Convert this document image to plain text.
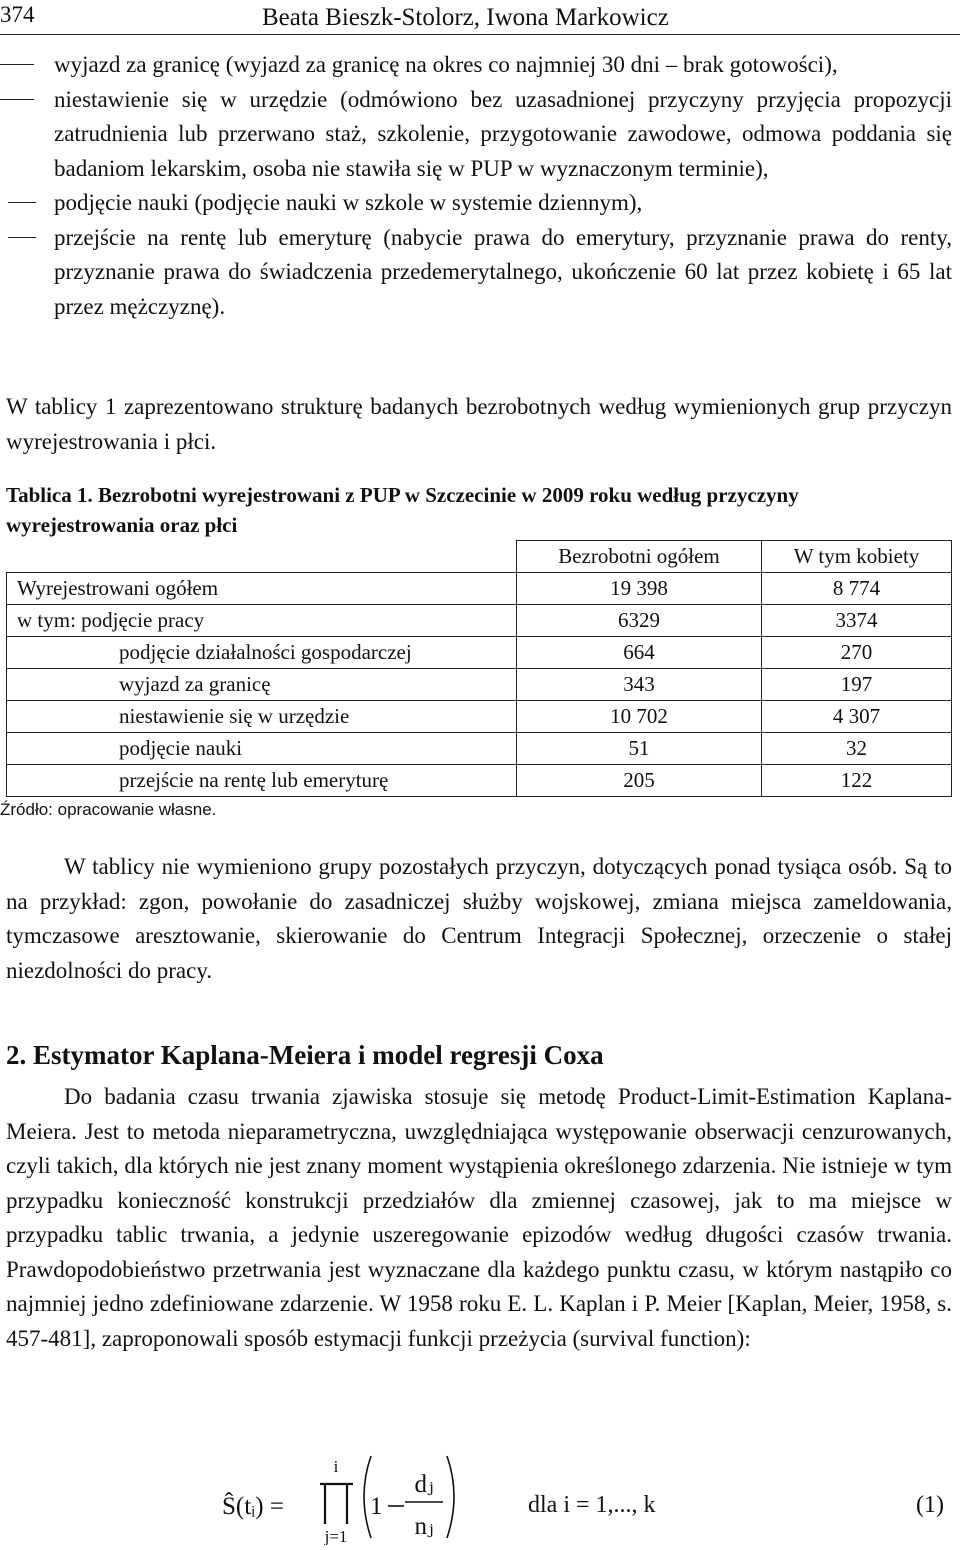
374	Beata Bieszk-Stolorz, Iwona Markowicz
wyjazd za granicę (wyjazd za granicę na okres co najmniej 30 dni – brak gotowości),
niestawienie się w urzędzie (odmówiono bez uzasadnionej przyczyny przyjęcia propozycji zatrudnienia lub przerwano staż, szkolenie, przygotowanie zawodowe, odmowa poddania się badaniom lekarskim, osoba nie stawiła się w PUP w wyznaczonym terminie),
podjęcie nauki (podjęcie nauki w szkole w systemie dziennym),
przejście na rentę lub emeryturę (nabycie prawa do emerytury, przyznanie prawa do renty, przyznanie prawa do świadczenia przedemerytalnego, ukończenie 60 lat przez kobietę i 65 lat przez mężczyznę).
W tablicy 1 zaprezentowano strukturę badanych bezrobotnych według wymienionych grup przyczyn wyrejestrowania i płci.
Tablica 1. Bezrobotni wyrejestrowani z PUP w Szczecinie w 2009 roku według przyczyny wyrejestrowania oraz płci
	Bezrobotni ogółem	W tym kobiety
Wyrejestrowani ogółem	19 398	8 774
w tym: podjęcie pracy	6329	3374
podjęcie działalności gospodarczej	664	270
wyjazd za granicę	343	197
niestawienie się w urzędzie	10 702	4 307
podjęcie nauki	51	32
przejście na rentę lub emeryturę	205	122
Źródło: opracowanie własne.
W tablicy nie wymieniono grupy pozostałych przyczyn, dotyczących ponad tysiąca osób. Są to na przykład: zgon, powołanie do zasadniczej służby wojskowej, zmiana miejsca zameldowania, tymczasowe aresztowanie, skierowanie do Centrum Integracji Społecznej, orzeczenie o stałej niezdolności do pracy.
2. Estymator Kaplana-Meiera i model regresji Coxa
Do badania czasu trwania zjawiska stosuje się metodę Product-Limit-Estimation Kaplana-Meiera. Jest to metoda nieparametryczna, uwzględniająca występowanie obserwacji cenzurowanych, czyli takich, dla których nie jest znany moment wystąpienia określonego zdarzenia. Nie istnieje w tym przypadku konieczność konstrukcji przedziałów dla zmiennej czasowej, jak to ma miejsce w przypadku tablic trwania, a jedynie uszeregowanie epizodów według długości czasów trwania. Prawdopodobieństwo przetrwania jest wyznaczane dla każdego punktu czasu, w którym nastąpiło co najmniej jedno zdefiniowane zdarzenie. W 1958 roku E. L. Kaplan i P. Meier [Kaplan, Meier, 1958, s. 457-481], zaproponowali sposób estymacji funkcji przeżycia (survival function):
Ŝ(tᵢ) =
i
j=1
1
dⱼ
nⱼ
dla i = 1,..., k	(1)
